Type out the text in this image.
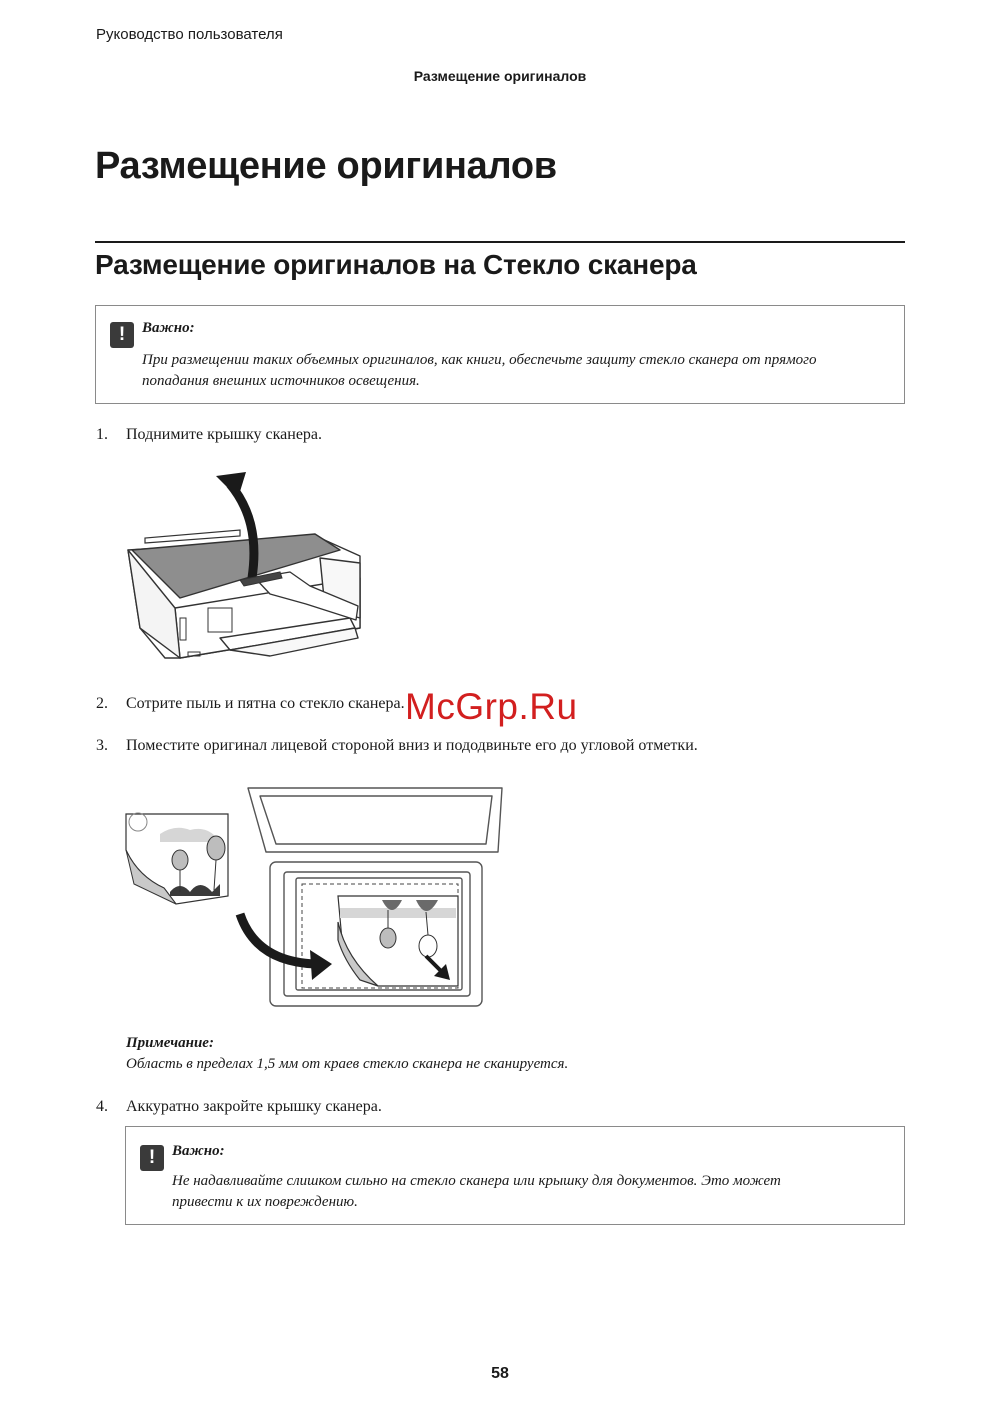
Руководство пользователя
Размещение оригиналов
Размещение оригиналов
Размещение оригиналов на Стекло сканера
!	Важно:
При размещении таких объемных оригиналов, как книги, обеспечьте защиту стекло сканера от прямого
попадания внешних источников освещения.
1. Поднимите крышку сканера.
2. Сотрите пыль и пятна со стекло сканера. McGrp.Ru
3. Поместите оригинал лицевой стороной вниз и пододвиньте его до угловой отметки.
Примечание:
Область в пределах 1,5 мм от краев стекло сканера не сканируется.
4. Аккуратно закройте крышку сканера.
!	Важно:
Не надавливайте слишком сильно на стекло сканера или крышку для документов. Это может
привести к их повреждению.
58
